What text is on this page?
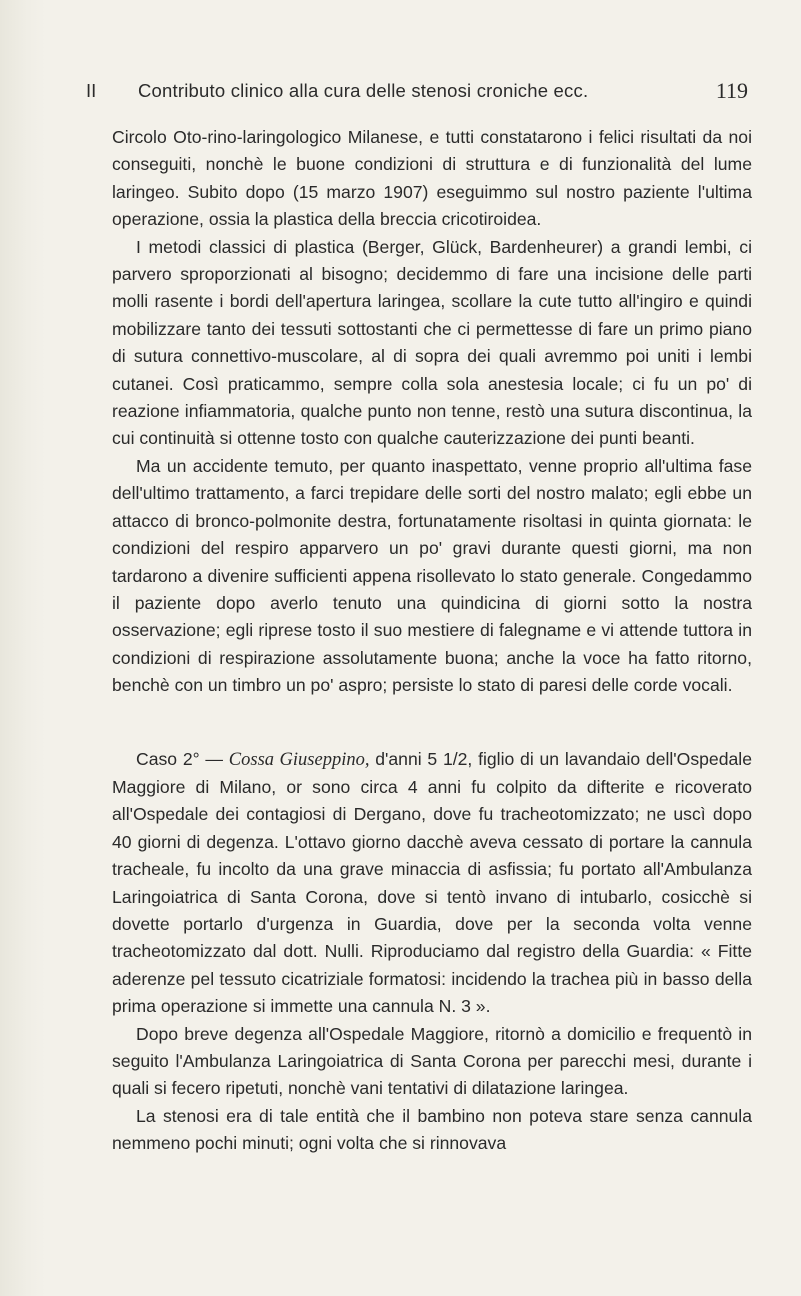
II Contributo clinico alla cura delle stenosi croniche ecc.	119

Circolo Oto-rino-laringologico Milanese, e tutti constatarono i felici risultati da noi conseguiti, nonchè le buone condizioni di struttura e di funzionalità del lume laringeo. Subito dopo (15 marzo 1907) eseguimmo sul nostro paziente l'ultima operazione, ossia la plastica della breccia cricotiroidea.

I metodi classici di plastica (Berger, Glück, Bardenheurer) a grandi lembi, ci parvero sproporzionati al bisogno; decidemmo di fare una incisione delle parti molli rasente i bordi dell'apertura laringea, scollare la cute tutto all'ingiro e quindi mobilizzare tanto dei tessuti sottostanti che ci permettesse di fare un primo piano di sutura connettivo-muscolare, al di sopra dei quali avremmo poi uniti i lembi cutanei. Così praticammo, sempre colla sola anestesia locale; ci fu un po' di reazione infiammatoria, qualche punto non tenne, restò una sutura discontinua, la cui continuità si ottenne tosto con qualche cauterizzazione dei punti beanti.

Ma un accidente temuto, per quanto inaspettato, venne proprio all'ultima fase dell'ultimo trattamento, a farci trepidare delle sorti del nostro malato; egli ebbe un attacco di bronco-polmonite destra, fortunatamente risoltasi in quinta giornata: le condizioni del respiro apparvero un po' gravi durante questi giorni, ma non tardarono a divenire sufficienti appena risollevato lo stato generale. Congedammo il paziente dopo averlo tenuto una quindicina di giorni sotto la nostra osservazione; egli riprese tosto il suo mestiere di falegname e vi attende tuttora in condizioni di respirazione assolutamente buona; anche la voce ha fatto ritorno, benchè con un timbro un po' aspro; persiste lo stato di paresi delle corde vocali.

Caso 2° — Cossa Giuseppino, d'anni 5 1/2, figlio di un lavandaio dell'Ospedale Maggiore di Milano, or sono circa 4 anni fu colpito da difterite e ricoverato all'Ospedale dei contagiosi di Dergano, dove fu tracheotomizzato; ne uscì dopo 40 giorni di degenza. L'ottavo giorno dacchè aveva cessato di portare la cannula tracheale, fu incolto da una grave minaccia di asfissia; fu portato all'Ambulanza Laringoiatrica di Santa Corona, dove si tentò invano di intubarlo, cosicchè si dovette portarlo d'urgenza in Guardia, dove per la seconda volta venne tracheotomizzato dal dott. Nulli. Riproduciamo dal registro della Guardia: « Fitte aderenze pel tessuto cicatriziale formatosi: incidendo la trachea più in basso della prima operazione si immette una cannula N. 3 ».

Dopo breve degenza all'Ospedale Maggiore, ritornò a domicilio e frequentò in seguito l'Ambulanza Laringoiatrica di Santa Corona per parecchi mesi, durante i quali si fecero ripetuti, nonchè vani tentativi di dilatazione laringea.

La stenosi era di tale entità che il bambino non poteva stare senza cannula nemmeno pochi minuti; ogni volta che si rinnovava
